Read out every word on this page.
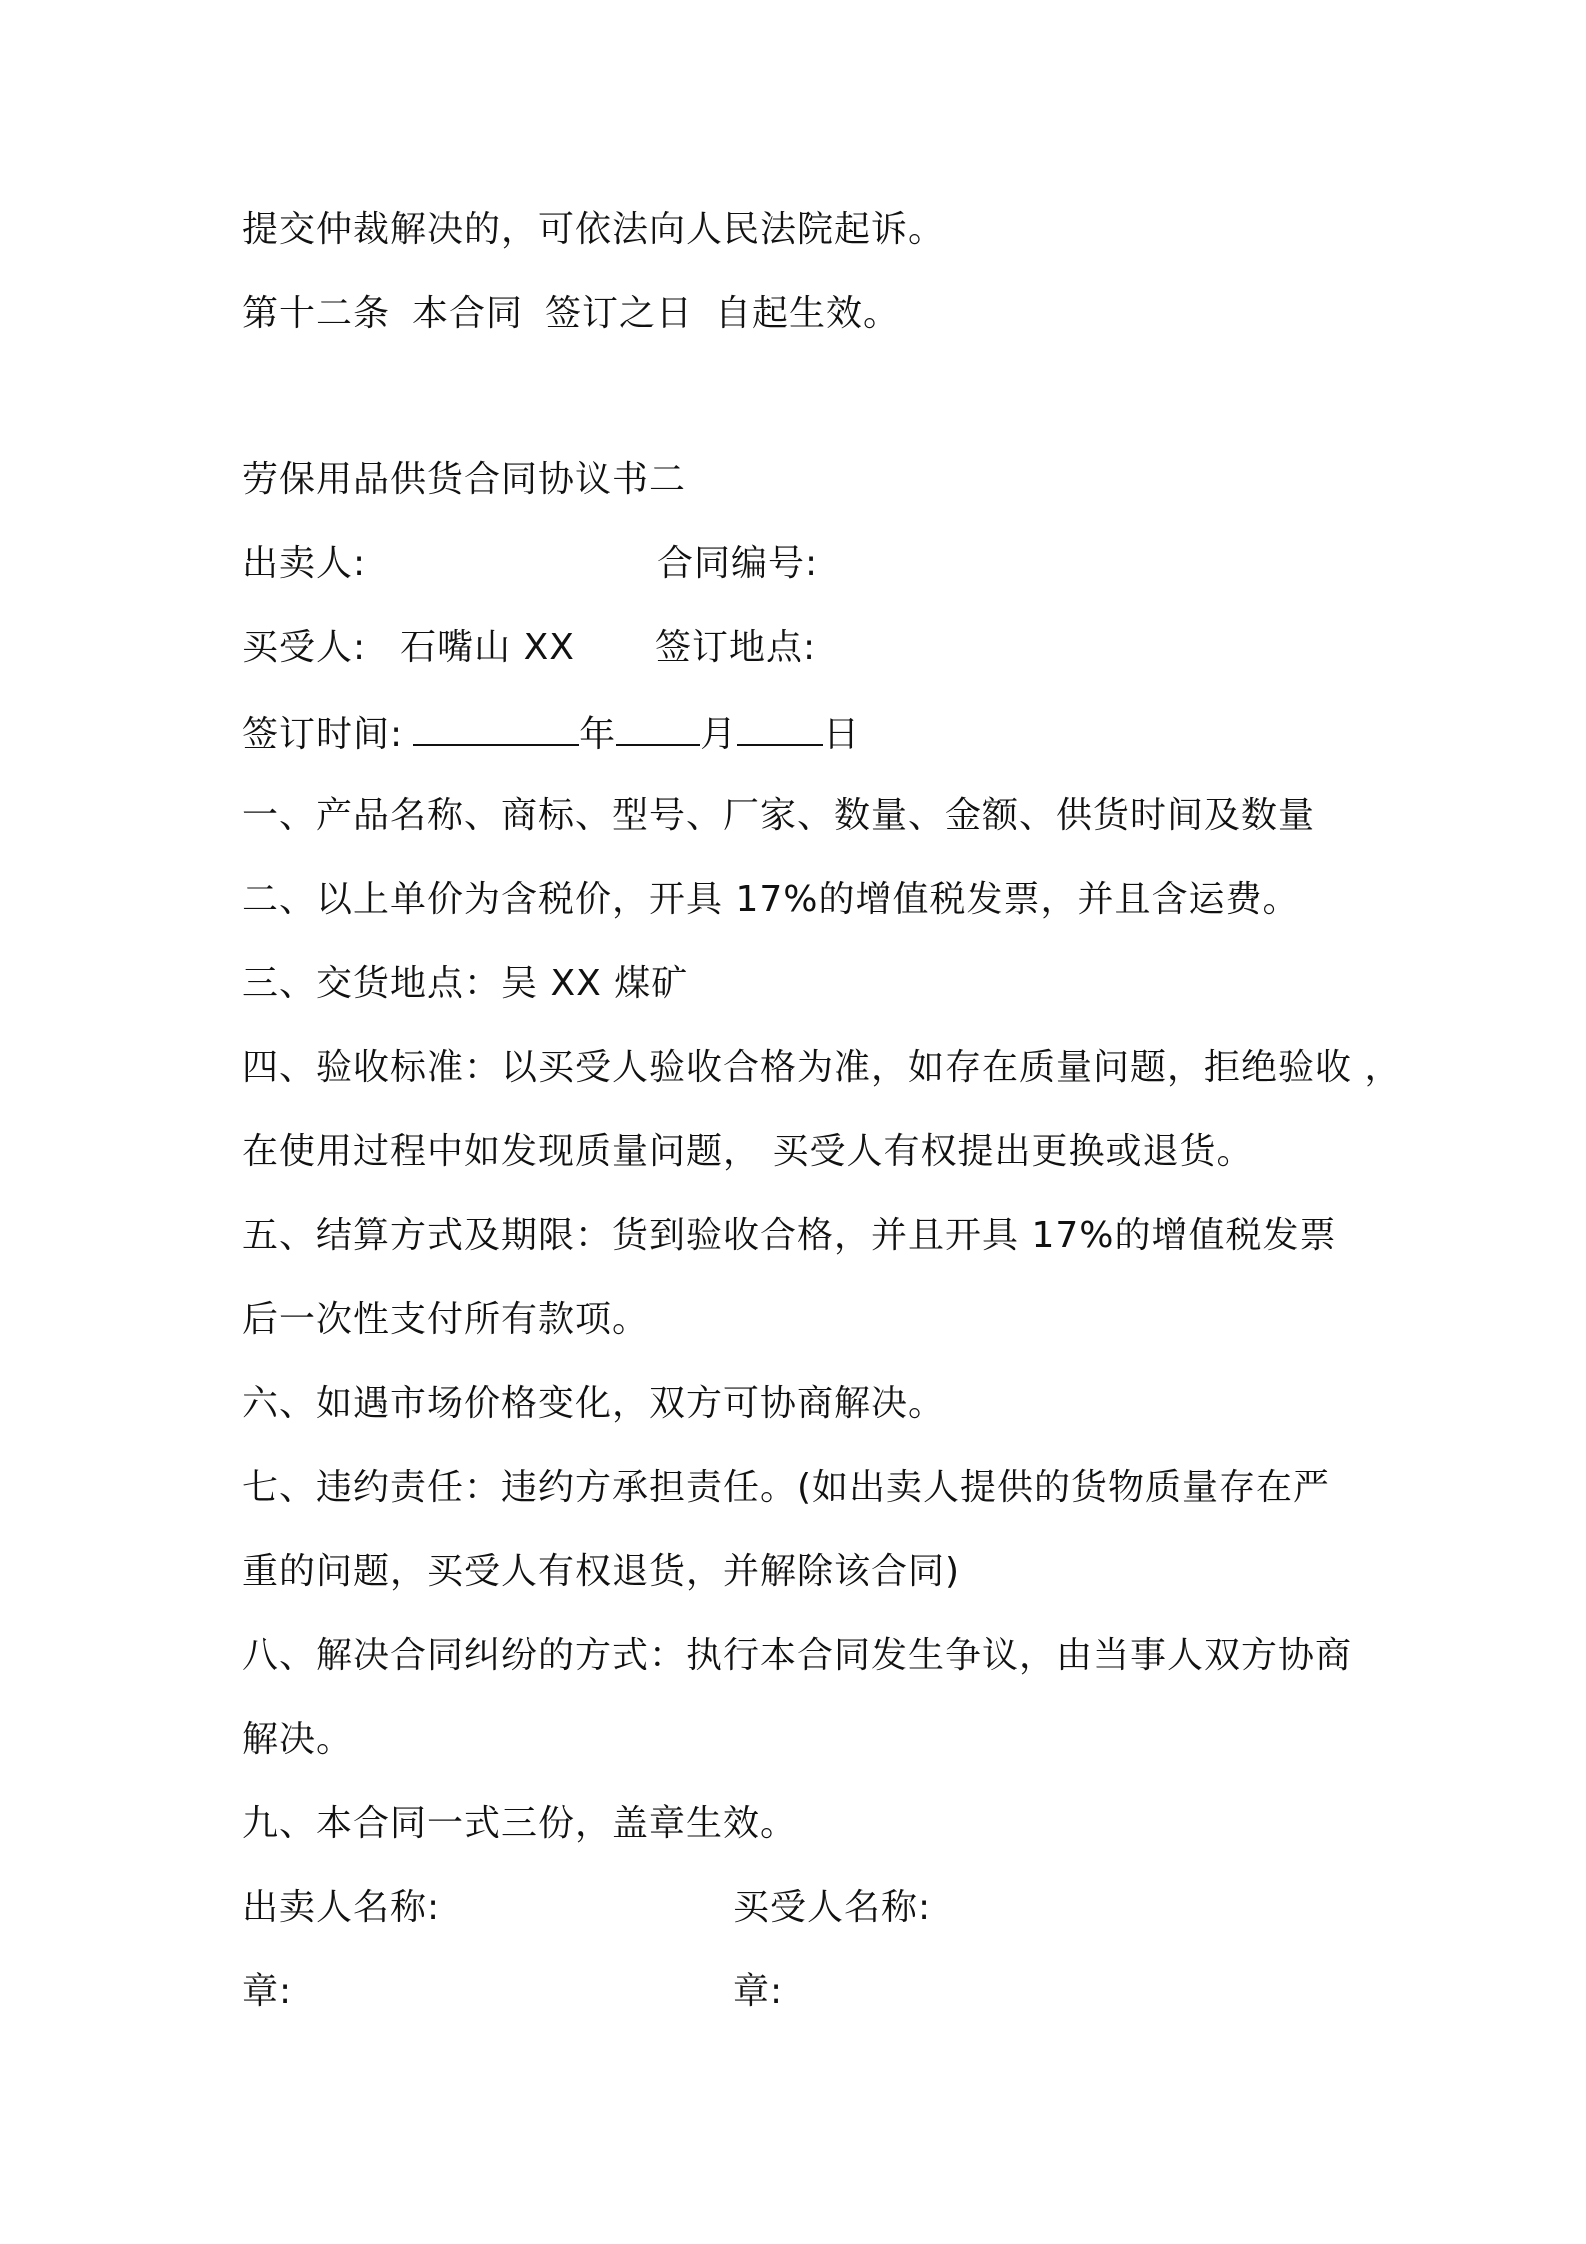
提交仲裁解决的，可依法向人民法院起诉。
第十二条 本合同 签订之日 自起生效。
劳保用品供货合同协议书二
出卖人:	合同编号:
买受人: 石嘴山 XX 签订地点:
签订时间:	年 月 日
一、产品名称、商标、型号、厂家、数量、金额、供货时间及数量
二、以上单价为含税价，开具 17%的增值税发票，并且含运费。
三、交货地点：吴 XX 煤矿
四、验收标准：以买受人验收合格为准，如存在质量问题，拒绝验收 ，
在使用过程中如发现质量问题， 买受人有权提出更换或退货。
五、结算方式及期限：货到验收合格，并且开具 17%的增值税发票
后一次性支付所有款项。
六、如遇市场价格变化，双方可协商解决。
七、违约责任：违约方承担责任。(如出卖人提供的货物质量存在严
重的问题，买受人有权退货，并解除该合同)
八、解决合同纠纷的方式：执行本合同发生争议，由当事人双方协商
解决。
九、本合同一式三份，盖章生效。
出卖人名称:	买受人名称:
章:	章:
